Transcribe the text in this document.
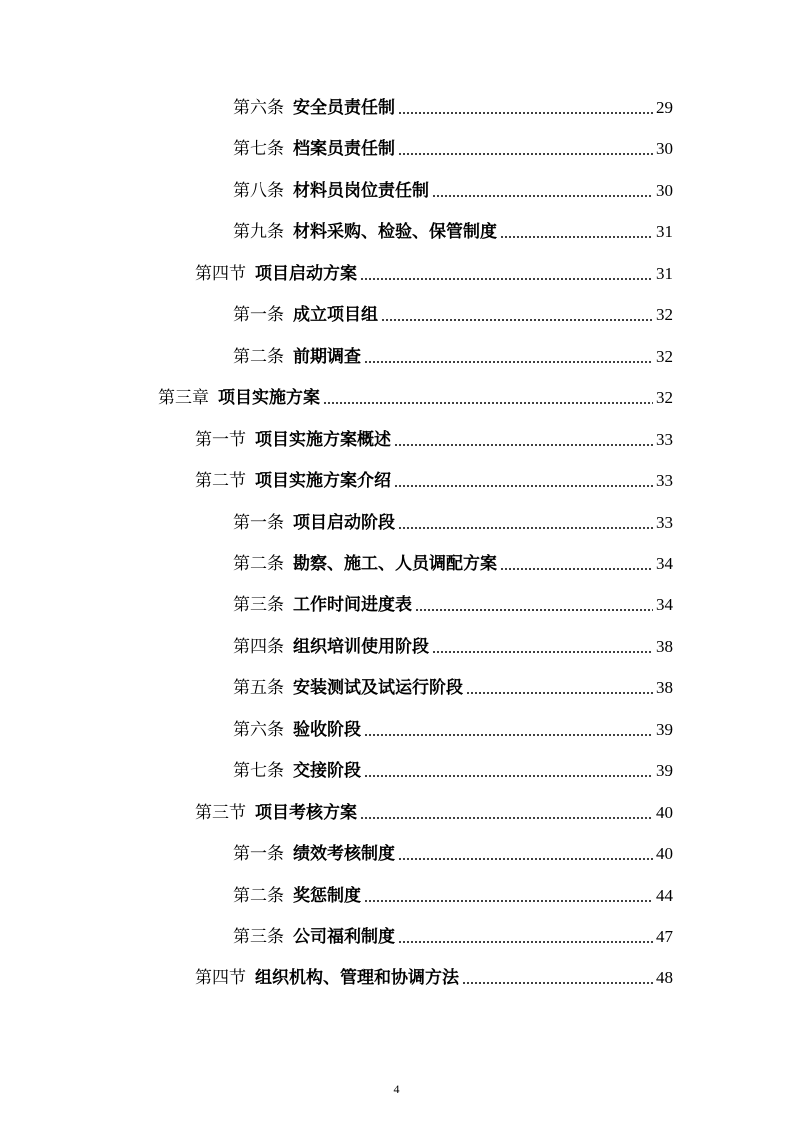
第六条 安全员责任制	29
第七条 档案员责任制	30
第八条 材料员岗位责任制	30
第九条 材料采购、检验、保管制度	31
第四节 项目启动方案	31
第一条 成立项目组	32
第二条 前期调查	32
第三章 项目实施方案	32
第一节 项目实施方案概述	33
第二节 项目实施方案介绍	33
第一条 项目启动阶段	33
第二条 勘察、施工、人员调配方案	34
第三条 工作时间进度表	34
第四条 组织培训使用阶段	38
第五条 安装测试及试运行阶段	38
第六条 验收阶段	39
第七条 交接阶段	39
第三节 项目考核方案	40
第一条 绩效考核制度	40
第二条 奖惩制度	44
第三条 公司福利制度	47
第四节 组织机构、管理和协调方法	48
4
